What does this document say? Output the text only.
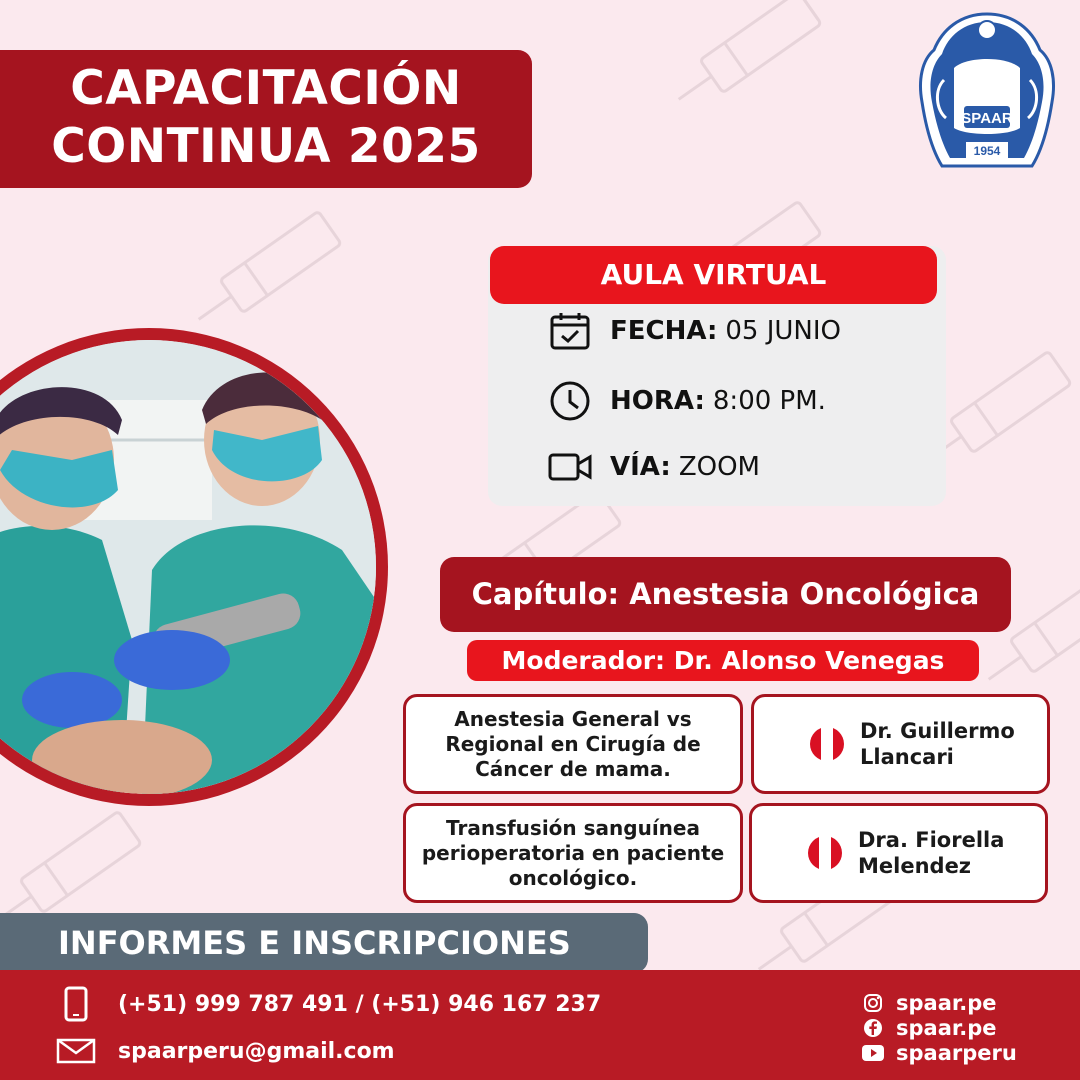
CAPACITACIÓN
CONTINUA 2025
SPAAR
1954
AULA VIRTUAL
FECHA: 05 JUNIO
HORA: 8:00 PM.
VÍA: ZOOM
Capítulo: Anestesia Oncológica
Moderador: Dr. Alonso Venegas
Anestesia General vs
Regional en Cirugía de
Cáncer de mama.
Dr. Guillermo
Llancari
Transfusión sanguínea
perioperatoria en paciente
oncológico.
Dra. Fiorella
Melendez
INFORMES E INSCRIPCIONES
(+51) 999 787 491 / (+51) 946 167 237
spaarperu@gmail.com
spaar.pe
spaar.pe
spaarperu
